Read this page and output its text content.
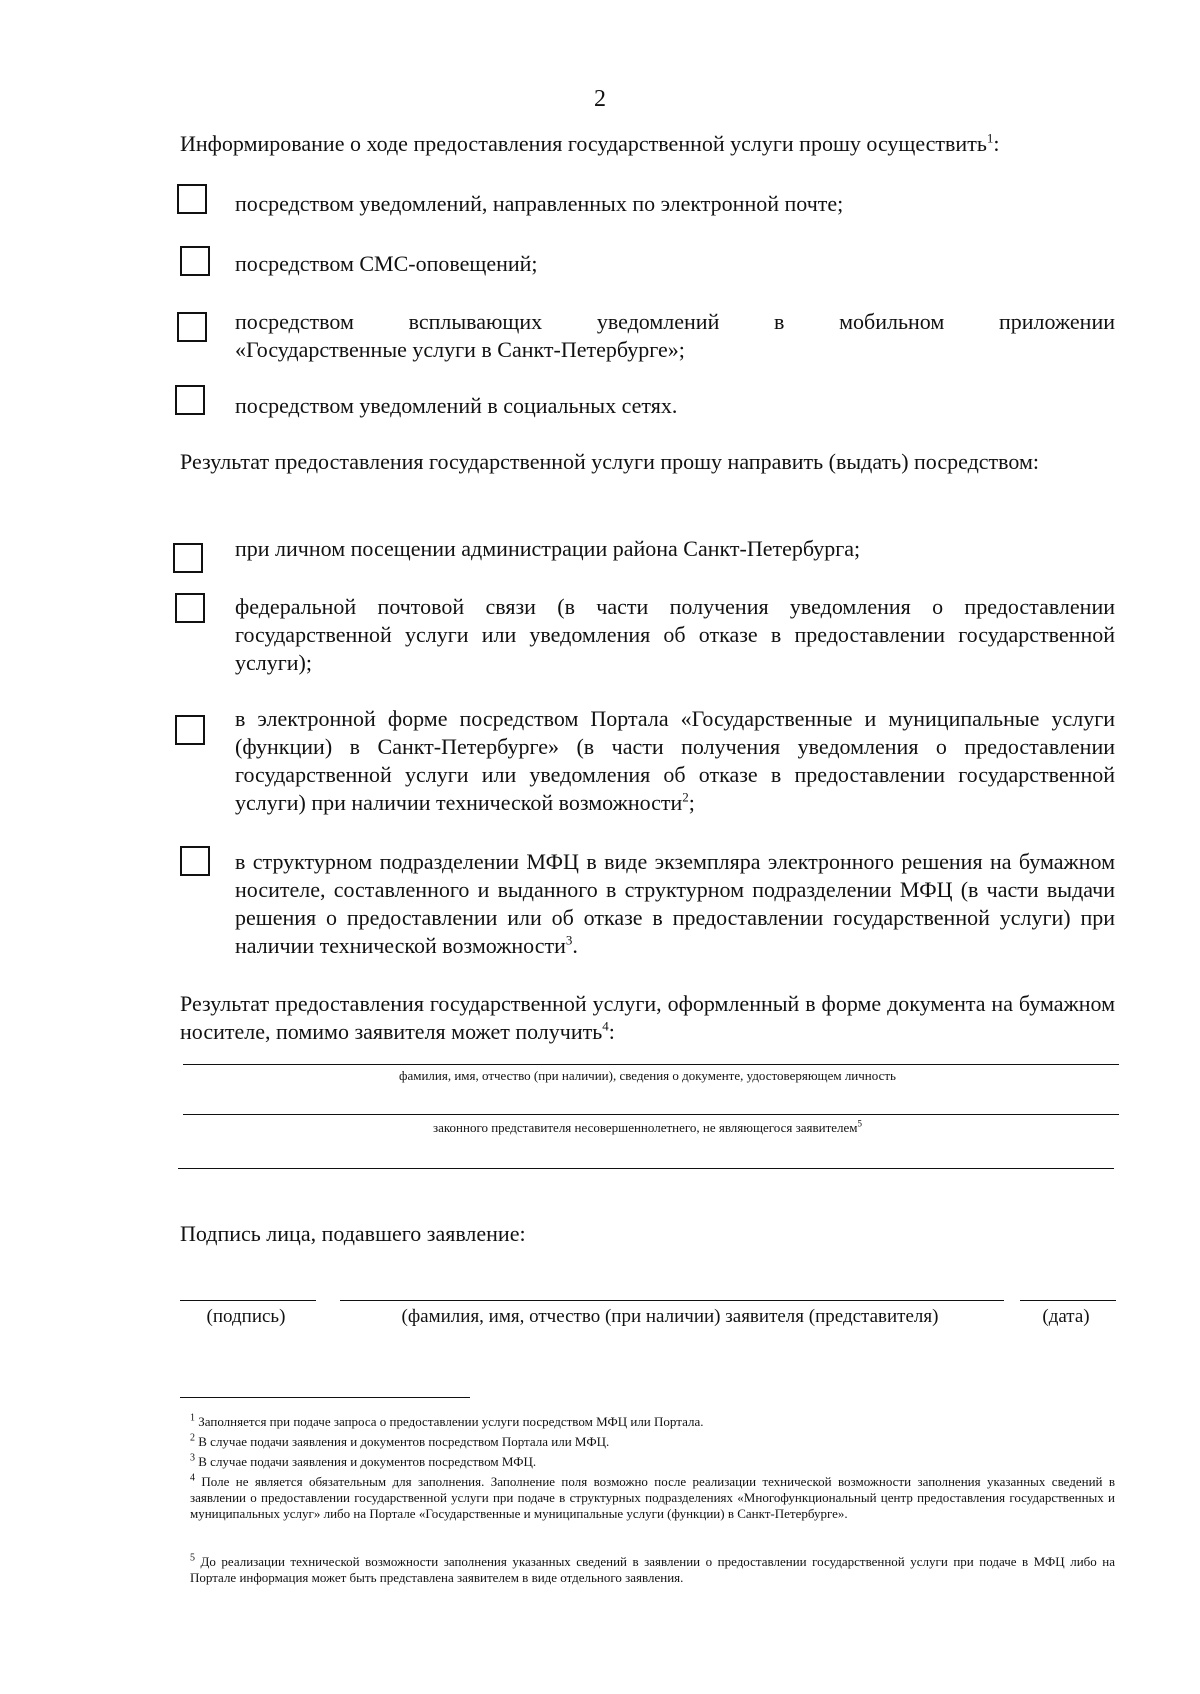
2
Информирование о ходе предоставления государственной услуги прошу осуществить$^1$:
посредством уведомлений, направленных по электронной почте;
посредством СМС-оповещений;
посредством всплывающих уведомлений в мобильном приложении
«Государственные услуги в Санкт-Петербурге»;
посредством уведомлений в социальных сетях.
Результат предоставления государственной услуги прошу направить (выдать) посредством:
при личном посещении администрации района Санкт-Петербурга;
федеральной почтовой связи (в части получения уведомления о предоставлении государственной услуги или уведомления об отказе в предоставлении государственной услуги);
в электронной форме посредством Портала «Государственные и муниципальные услуги (функции) в Санкт-Петербурге» (в части получения уведомления о предоставлении государственной услуги или уведомления об отказе в предоставлении государственной услуги) при наличии технической возможности$^2$;
в структурном подразделении МФЦ в виде экземпляра электронного решения на бумажном носителе, составленного и выданного в структурном подразделении МФЦ (в части выдачи решения о предоставлении или об отказе в предоставлении государственной услуги) при наличии технической возможности$^3$.
Результат предоставления государственной услуги, оформленный в форме документа на бумажном носителе, помимо заявителя может получить$^4$:
фамилия, имя, отчество (при наличии), сведения о документе, удостоверяющем личность
законного представителя несовершеннолетнего, не являющегося заявителем$^5$
Подпись лица, подавшего заявление:
(подпись)	(фамилия, имя, отчество (при наличии) заявителя (представителя)	(дата)
$^1$ Заполняется при подаче запроса о предоставлении услуги посредством МФЦ или Портала.
$^2$ В случае подачи заявления и документов посредством Портала или МФЦ.
$^3$ В случае подачи заявления и документов посредством МФЦ.
$^4$ Поле не является обязательным для заполнения. Заполнение поля возможно после реализации технической возможности заполнения указанных сведений в заявлении о предоставлении государственной услуги при подаче в структурных подразделениях «Многофункциональный центр предоставления государственных и муниципальных услуг» либо на Портале «Государственные и муниципальные услуги (функции) в Санкт-Петербурге».
$^5$ До реализации технической возможности заполнения указанных сведений в заявлении о предоставлении государственной услуги при подаче в МФЦ либо на Портале информация может быть представлена заявителем в виде отдельного заявления.
